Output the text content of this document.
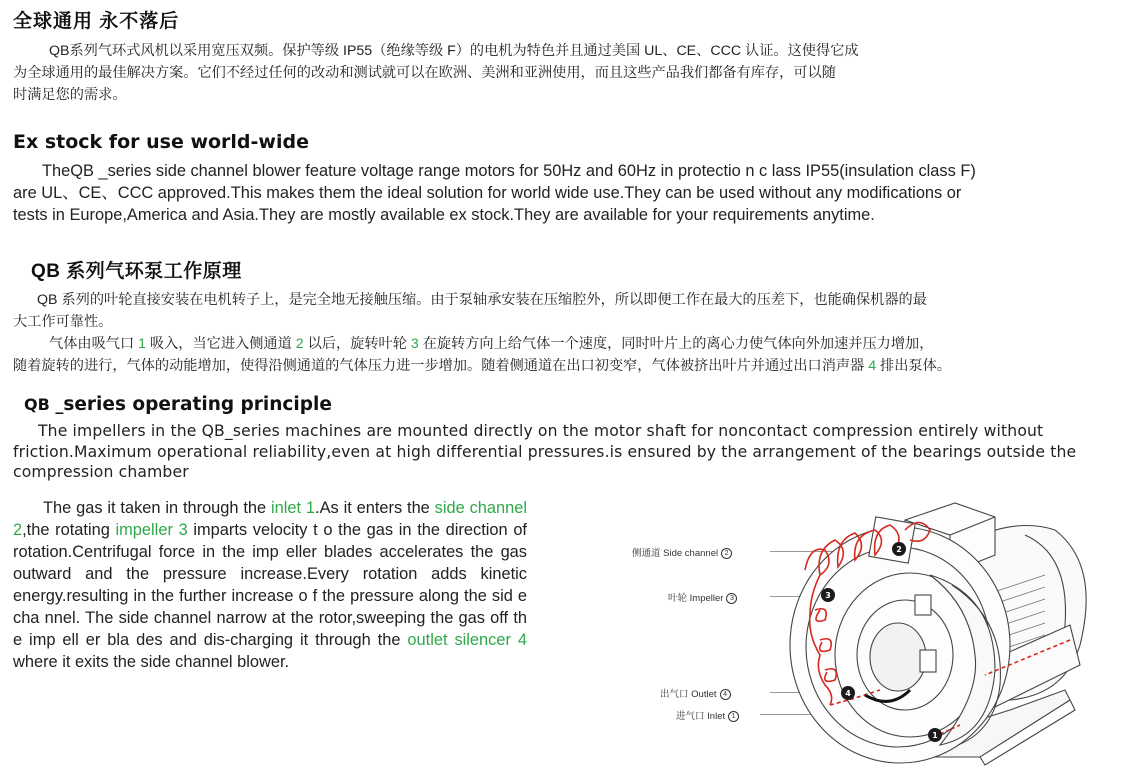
全球通用 永不落后
QB系列气环式风机以采用宽压双频。保护等级 IP55（绝缘等级 F）的电机为特色并且通过美国 UL、CE、CCC 认证。这使得它成
为全球通用的最佳解决方案。它们不经过任何的改动和测试就可以在欧洲、美洲和亚洲使用，而且这些产品我们都备有库存，可以随
时满足您的需求。
Ex stock for use world-wide
TheQB _series side channel blower feature voltage range motors for 50Hz and 60Hz in protectio n c lass IP55(insulation class F)
are UL、CE、CCC approved.This makes them the ideal solution for world wide use.They can be used without any modifications or
tests in Europe,America and Asia.They are mostly available ex stock.They are available for your requirements anytime.
QB 系列气环泵工作原理
QB 系列的叶轮直接安装在电机转子上，是完全地无接触压缩。由于泵轴承安装在压缩腔外，所以即便工作在最大的压差下，也能确保机器的最
大工作可靠性。
气体由吸气口 1 吸入，当它进入侧通道 2 以后，旋转叶轮 3 在旋转方向上给气体一个速度，同时叶片上的离心力使气体向外加速并压力增加，
随着旋转的进行，气体的动能增加，使得沿侧通道的气体压力进一步增加。随着侧通道在出口初变窄，气体被挤出叶片并通过出口消声器 4 排出泵体。
QB _series operating principle
The impellers in the QB_series machines are mounted directly on the motor shaft for noncontact compression entirely without
friction.Maximum operational reliability,even at high differential pressures.is ensured by the arrangement of the bearings outside the
compression chamber
The gas it taken in through the inlet 1.As it enters the side channel 2,the rotating impeller 3 imparts velocity t o the gas in the direction of rotation.Centrifugal force in the imp eller blades accelerates the gas outward and the pressure increase.Every rotation adds kinetic energy.resulting in the further increase o f the pressure along the sid e cha nnel. The side channel narrow at the rotor,sweeping the gas off th e imp ell er bla des and dis-charging it through the outlet silencer 4 where it exits the side channel blower.
侧通道 Side channel 2
叶轮 Impeller 3
出气口 Outlet 4
进气口 Inlet 1
1
2
3
4
